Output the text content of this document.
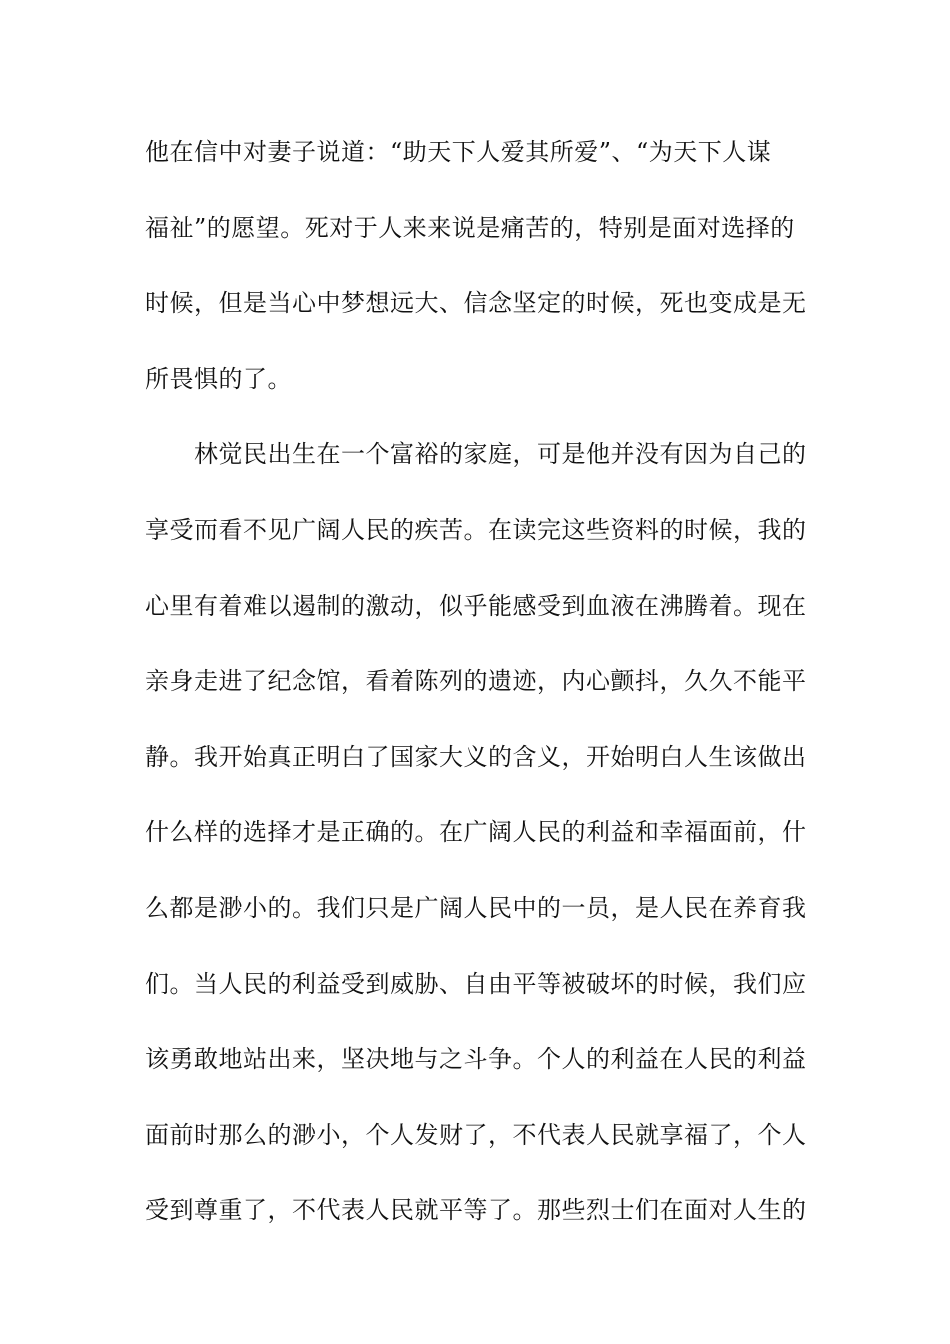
他在信中对妻子说道：“助天下人爱其所爱”、“为天下人谋
福祉”的愿望。死对于人来来说是痛苦的，特别是面对选择的
时候，但是当心中梦想远大、信念坚定的时候，死也变成是无
所畏惧的了。
　　林觉民出生在一个富裕的家庭，可是他并没有因为自己的
享受而看不见广阔人民的疾苦。在读完这些资料的时候，我的
心里有着难以遏制的激动，似乎能感受到血液在沸腾着。现在
亲身走进了纪念馆，看着陈列的遗迹，内心颤抖，久久不能平
静。我开始真正明白了国家大义的含义，开始明白人生该做出
什么样的选择才是正确的。在广阔人民的利益和幸福面前，什
么都是渺小的。我们只是广阔人民中的一员，是人民在养育我
们。当人民的利益受到威胁、自由平等被破坏的时候，我们应
该勇敢地站出来，坚决地与之斗争。个人的利益在人民的利益
面前时那么的渺小，个人发财了，不代表人民就享福了，个人
受到尊重了，不代表人民就平等了。那些烈士们在面对人生的
